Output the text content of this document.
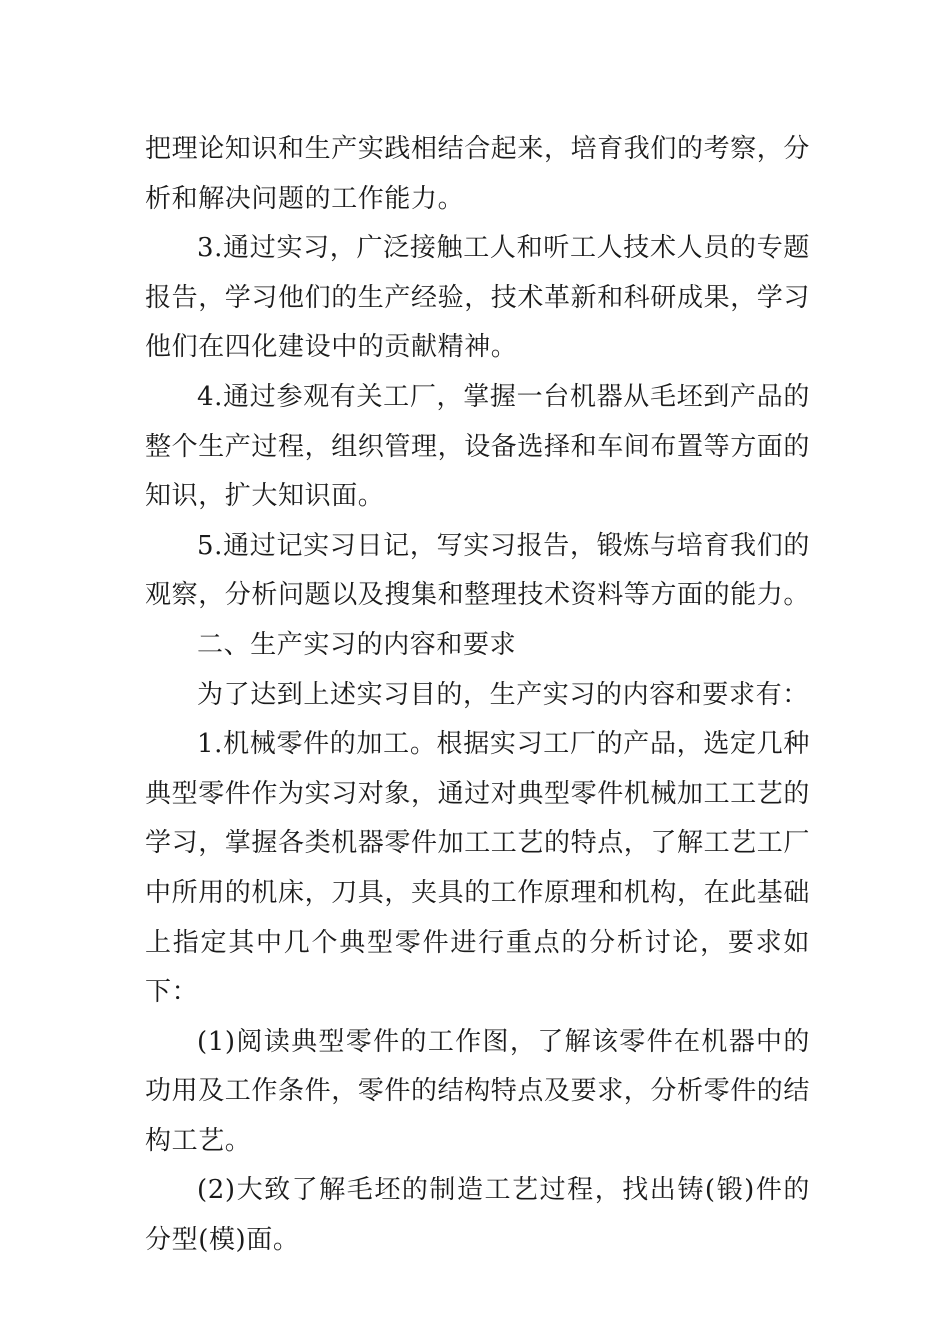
把理论知识和生产实践相结合起来，培育我们的考察，分析和解决问题的工作能力。

3.通过实习，广泛接触工人和听工人技术人员的专题报告，学习他们的生产经验，技术革新和科研成果，学习他们在四化建设中的贡献精神。

4.通过参观有关工厂，掌握一台机器从毛坯到产品的整个生产过程，组织管理，设备选择和车间布置等方面的知识，扩大知识面。

5.通过记实习日记，写实习报告，锻炼与培育我们的观察，分析问题以及搜集和整理技术资料等方面的能力。

二、生产实习的内容和要求

为了达到上述实习目的，生产实习的内容和要求有：

1.机械零件的加工。根据实习工厂的产品，选定几种典型零件作为实习对象，通过对典型零件机械加工工艺的学习，掌握各类机器零件加工工艺的特点，了解工艺工厂中所用的机床，刀具，夹具的工作原理和机构，在此基础上指定其中几个典型零件进行重点的分析讨论，要求如下：

(1)阅读典型零件的工作图，了解该零件在机器中的功用及工作条件，零件的结构特点及要求，分析零件的结构工艺。

(2)大致了解毛坯的制造工艺过程，找出铸(锻)件的分型(模)面。
